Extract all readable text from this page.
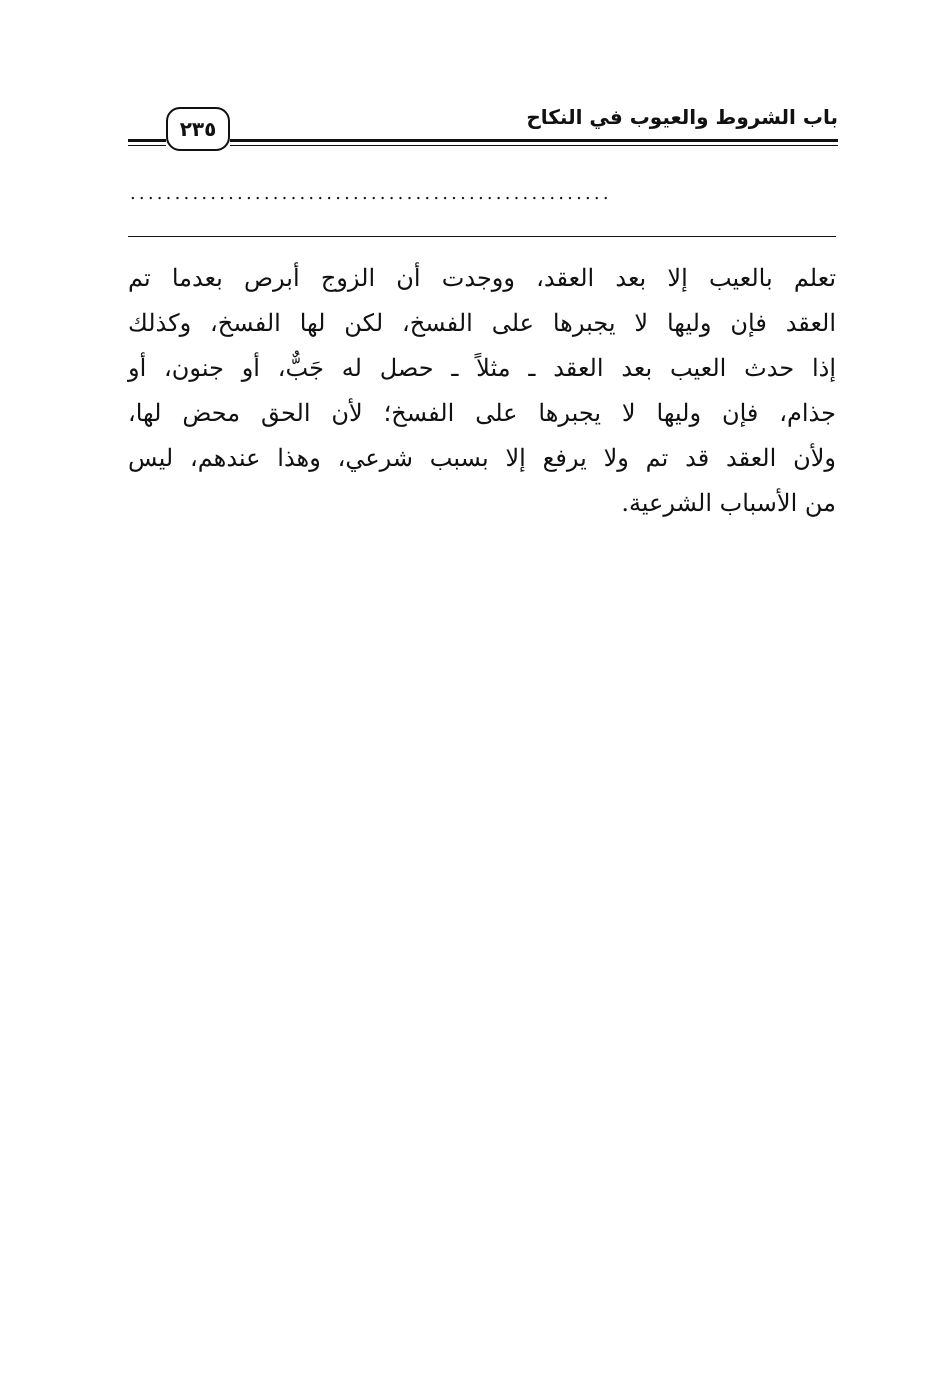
باب الشروط والعيوب في النكاح
٢٣٥
......................................................
تعلم بالعيب إلا بعد العقد، ووجدت أن الزوج أبرص بعدما تم
العقد فإن وليها لا يجبرها على الفسخ، لكن لها الفسخ، وكذلك
إذا حدث العيب بعد العقد ـ مثلاً ـ حصل له جَبٌّ، أو جنون، أو
جذام، فإن وليها لا يجبرها على الفسخ؛ لأن الحق محض لها،
ولأن العقد قد تم ولا يرفع إلا بسبب شرعي، وهذا عندهم، ليس
من الأسباب الشرعية.
